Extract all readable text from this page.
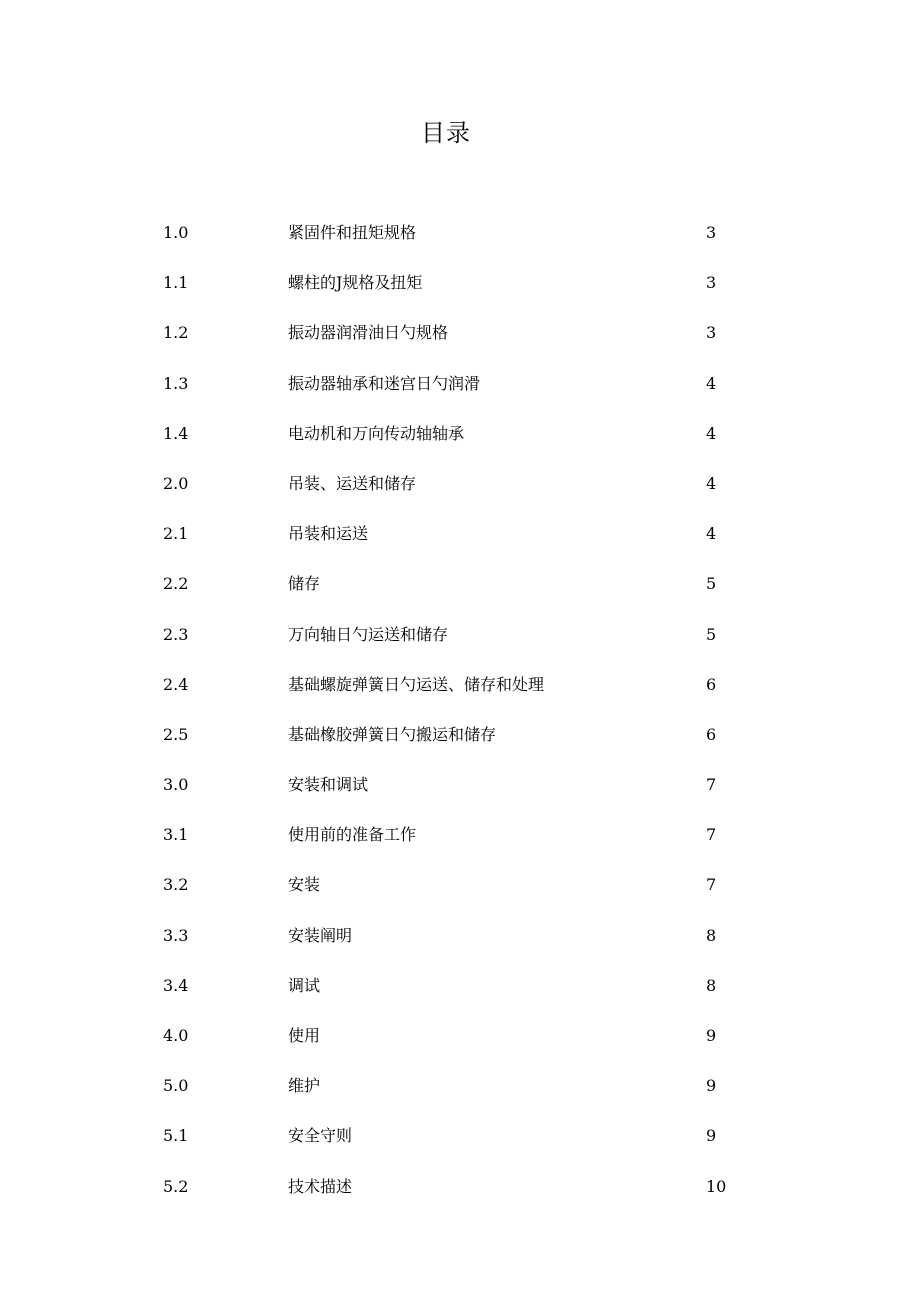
目录
1.0	紧固件和扭矩规格	3
1.1	螺柱的J规格及扭矩	3
1.2	振动器润滑油日勺规格	3
1.3	振动器轴承和迷宫日勺润滑	4
1.4	电动机和万向传动轴轴承	4
2.0	吊装、运送和储存	4
2.1	吊装和运送	4
2.2	储存	5
2.3	万向轴日勺运送和储存	5
2.4	基础螺旋弹簧日勺运送、储存和处理	6
2.5	基础橡胶弹簧日勺搬运和储存	6
3.0	安装和调试	7
3.1	使用前的准备工作	7
3.2	安装	7
3.3	安装阐明	8
3.4	调试	8
4.0	使用	9
5.0	维护	9
5.1	安全守则	9
5.2	技术描述	10
